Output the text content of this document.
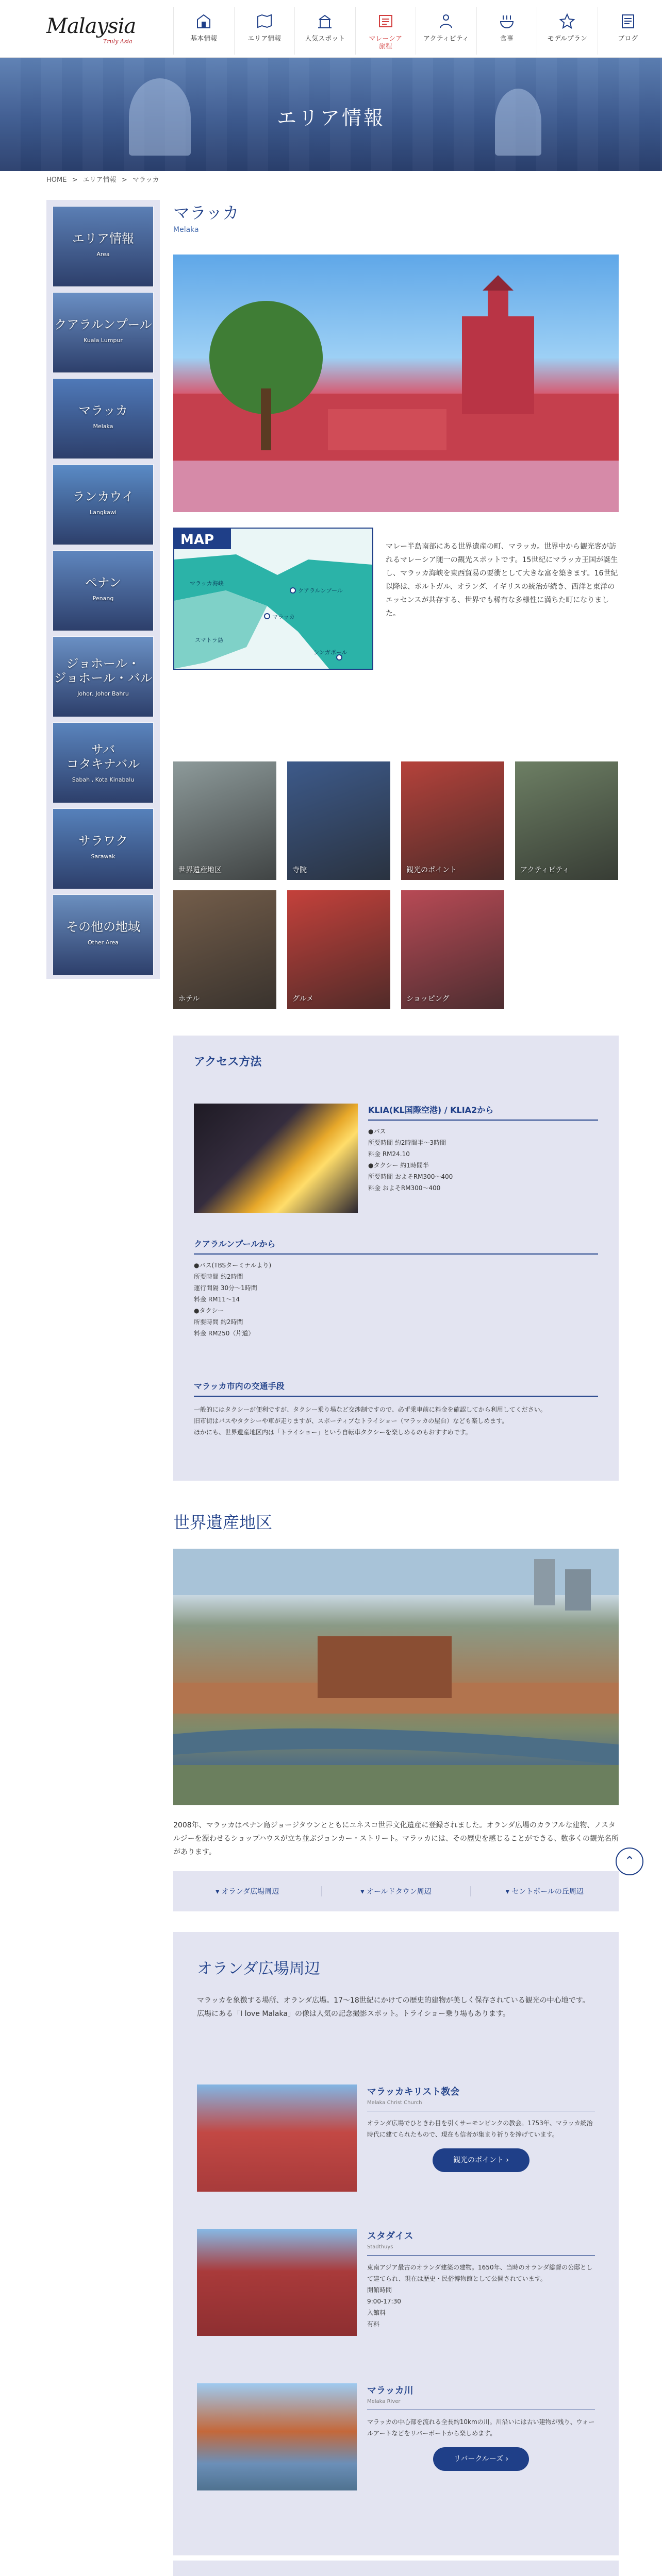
Malaysia
Truly Asia	基本情報	エリア情報	人気スポット	マレーシア
旅程
アクティビティ	食事	モデルプラン	ブログ
エリア情報
HOME > エリア情報 > マラッカ
エリア情報
Area
クアラルンプール
Kuala Lumpur
マラッカ
Melaka
ランカウイ
Langkawi
ペナン
Penang
ジョホール・
ジョホール・バル
Johor, Johor Bahru
サバ
コタキナバル
Sabah , Kota Kinabalu
サラワク
Sarawak
その他の地域
Other Area
マラッカ
Melaka
MAP
マラッカ海峡
クアラルンプール
マラッカ
シンガポール
スマトラ島
マレー半島南部にある世界遺産の町、マラッカ。世界中から観光客が訪れるマレーシア随一の観光スポットです。15世紀にマラッカ王国が誕生し、マラッカ海峡を東西貿易の要衝として大きな富を築きます。16世紀以降は、ポルトガル、オランダ、イギリスの統治が続き、西洋と東洋のエッセンスが共存する、世界でも稀有な多様性に満ちた町になりました。
世界遺産地区	寺院	観光のポイント	アクティビティ
ホテル	グルメ	ショッピング
アクセス方法
KLIA(KL国際空港) / KLIA2から
●バス
所要時間 約2時間半〜3時間
料金 RM24.10
●タクシー 約1時間半
所要時間 およそRM300〜400
料金 およそRM300〜400
クアラルンプールから
●バス(TBSターミナルより)
所要時間 約2時間
運行間隔 30分〜1時間
料金 RM11〜14
●タクシー
所要時間 約2時間
料金 RM250（片道）
マラッカ市内の交通手段
一般的にはタクシーが便利ですが、タクシー乗り場など交渉制ですので、必ず乗車前に料金を確認してから利用してください。
旧市街はバスやタクシーや車が走りますが、スポーティブなトライショー（マラッカの屋台）なども楽しめます。
ほかにも、世界遺産地区内は「トライショー」という自転車タクシーを楽しめるのもおすすめです。
世界遺産地区
2008年、マラッカはペナン島ジョージタウンとともにユネスコ世界文化遺産に登録されました。オランダ広場のカラフルな建物、ノスタルジーを漂わせるショップハウスが立ち並ぶジョンカー・ストリート。マラッカには、その歴史を感じることができる、数多くの観光名所があります。
⌃
▾ オランダ広場周辺	▾ オールドタウン周辺	▾ セントポールの丘周辺
オランダ広場周辺
マラッカを象徴する場所、オランダ広場。17〜18世紀にかけての歴史的建物が美しく保存されている観光の中心地です。広場にある「I love Malaka」の像は人気の記念撮影スポット。トライショー乗り場もあります。
マラッカキリスト教会
Melaka Christ Church
オランダ広場でひときわ目を引くサーモンピンクの教会。1753年、マラッカ統治時代に建てられたもので、現在も信者が集まり祈りを捧げています。
観光のポイント ›
スタダイス
Stadthuys
東南アジア最古のオランダ建築の建物。1650年、当時のオランダ総督の公邸として建てられ、現在は歴史・民俗博物館として公開されています。
開館時間
9:00-17:30
入館料
有料
マラッカ川
Melaka River
マラッカの中心部を流れる全長約10kmの川。川沿いには古い建物が残り、ウォールアートなどをリバーボートから楽しめます。
リバークルーズ ›
